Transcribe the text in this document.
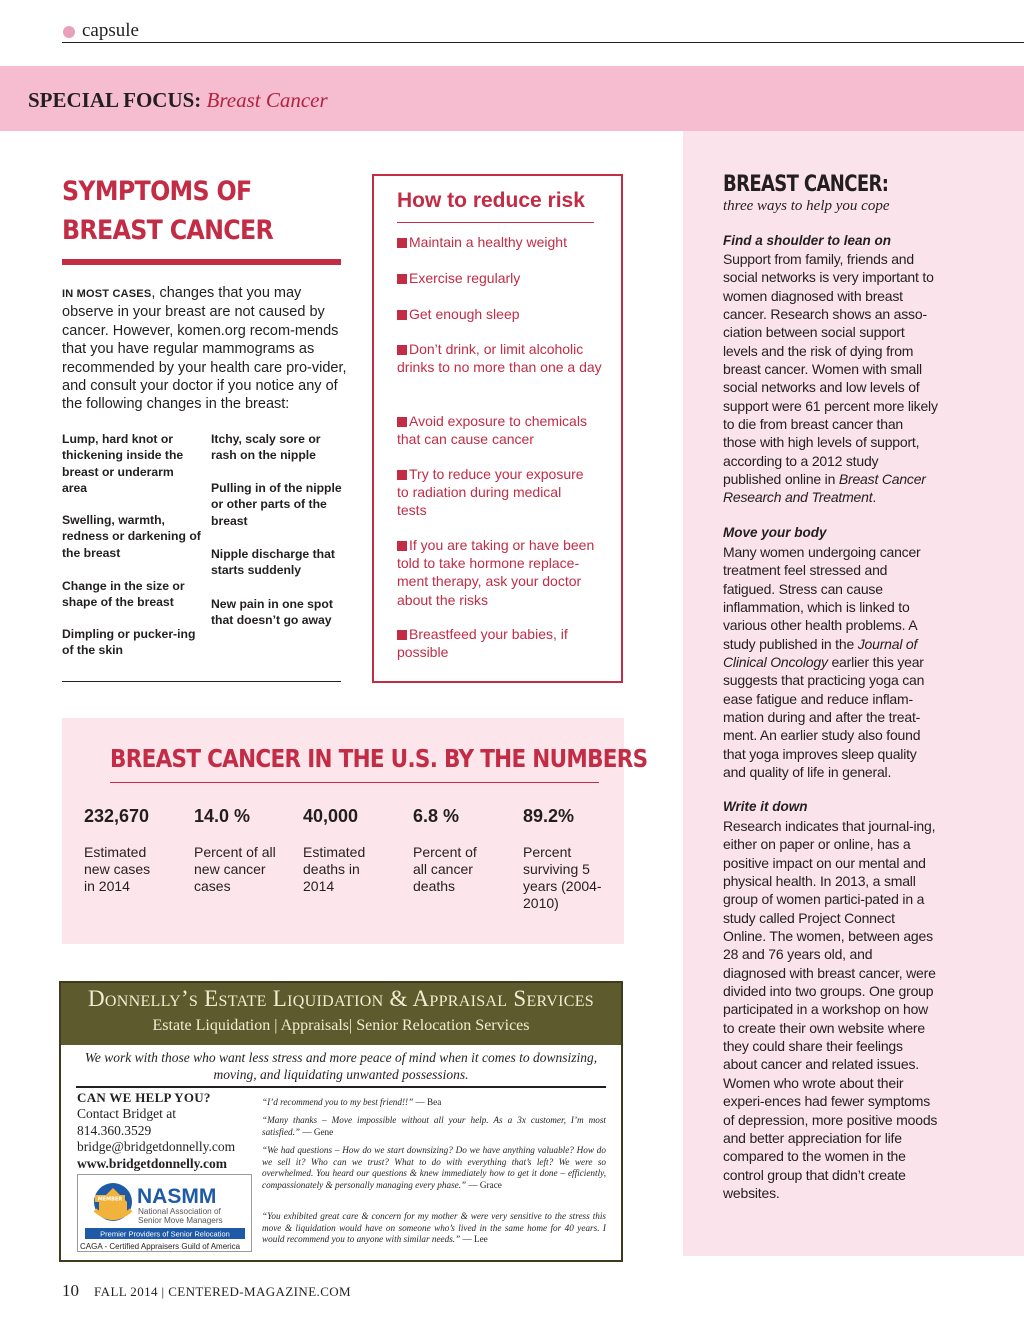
capsule
SPECIAL FOCUS: Breast Cancer
SYMPTOMS OF
BREAST CANCER
IN MOST CASES, changes that you may observe in your breast are not caused by cancer. However, komen.org recom-mends that you have regular mammograms as recommended by your health care pro-vider, and consult your doctor if you notice any of the following changes in the breast:
Lump, hard knot or thickening inside the breast or underarm area
Swelling, warmth, redness or darkening of the breast
Change in the size or shape of the breast
Dimpling or pucker-ing of the skin
Itchy, scaly sore or rash on the nipple
Pulling in of the nipple or other parts of the breast
Nipple discharge that starts suddenly
New pain in one spot that doesn’t go away
How to reduce risk
Maintain a healthy weight
Exercise regularly
Get enough sleep
Don’t drink, or limit alcoholic drinks to no more than one a day
Avoid exposure to chemicals that can cause cancer
Try to reduce your exposure to radiation during medical tests
If you are taking or have been told to take hormone replace-ment therapy, ask your doctor about the risks
Breastfeed your babies, if possible
BREAST CANCER IN THE U.S. BY THE NUMBERS
232,670
Estimated new cases in 2014
14.0 %
Percent of all new cancer cases
40,000
Estimated deaths in 2014
6.8 %
Percent of all cancer deaths
89.2%
Percent surviving 5 years (2004-2010)
Donnelly’s Estate Liquidation & Appraisal Services
Estate Liquidation | Appraisals| Senior Relocation Services
We work with those who want less stress and more peace of mind when it comes to downsizing, moving, and liquidating unwanted possessions.
CAN WE HELP YOU?
Contact Bridget at
814.360.3529
bridge@bridgetdonnelly.com
www.bridgetdonnelly.com
“I’d recommend you to my best friend!!” — Bea
“Many thanks – Move impossible without all your help. As a 3x customer, I’m most satisfied.” — Gene
“We had questions – How do we start downsizing? Do we have anything valuable? How do we sell it? Who can we trust? What to do with everything that’s left? We were so overwhelmed. You heard our questions & knew immediately how to get it done – efficiently, compassionately & personally managing every phase.” — Grace
“You exhibited great care & concern for my mother & were very sensitive to the stress this move & liquidation would have on someone who’s lived in the same home for 40 years. I would recommend you to anyone with similar needs.” — Lee
MEMBER NASMM
National Association of
Senior Move Managers
Premier Providers of Senior Relocation
CAGA - Certified Appraisers Guild of America
BREAST CANCER:
three ways to help you cope
Find a shoulder to lean on
Support from family, friends and social networks is very important to women diagnosed with breast cancer. Research shows an asso-ciation between social support levels and the risk of dying from breast cancer. Women with small social networks and low levels of support were 61 percent more likely to die from breast cancer than those with high levels of support, according to a 2012 study published online in Breast Cancer Research and Treatment.
Move your body
Many women undergoing cancer treatment feel stressed and fatigued. Stress can cause inflammation, which is linked to various other health problems. A study published in the Journal of Clinical Oncology earlier this year suggests that practicing yoga can ease fatigue and reduce inflam-mation during and after the treat-ment. An earlier study also found that yoga improves sleep quality and quality of life in general.
Write it down
Research indicates that journal-ing, either on paper or online, has a positive impact on our mental and physical health. In 2013, a small group of women partici-pated in a study called Project Connect Online. The women, between ages 28 and 76 years old, and diagnosed with breast cancer, were divided into two groups. One group participated in a workshop on how to create their own website where they could share their feelings about cancer and related issues. Women who wrote about their experi-ences had fewer symptoms of depression, more positive moods and better appreciation for life compared to the women in the control group that didn’t create websites.
10 FALL 2014 | CENTERED-MAGAZINE.COM
